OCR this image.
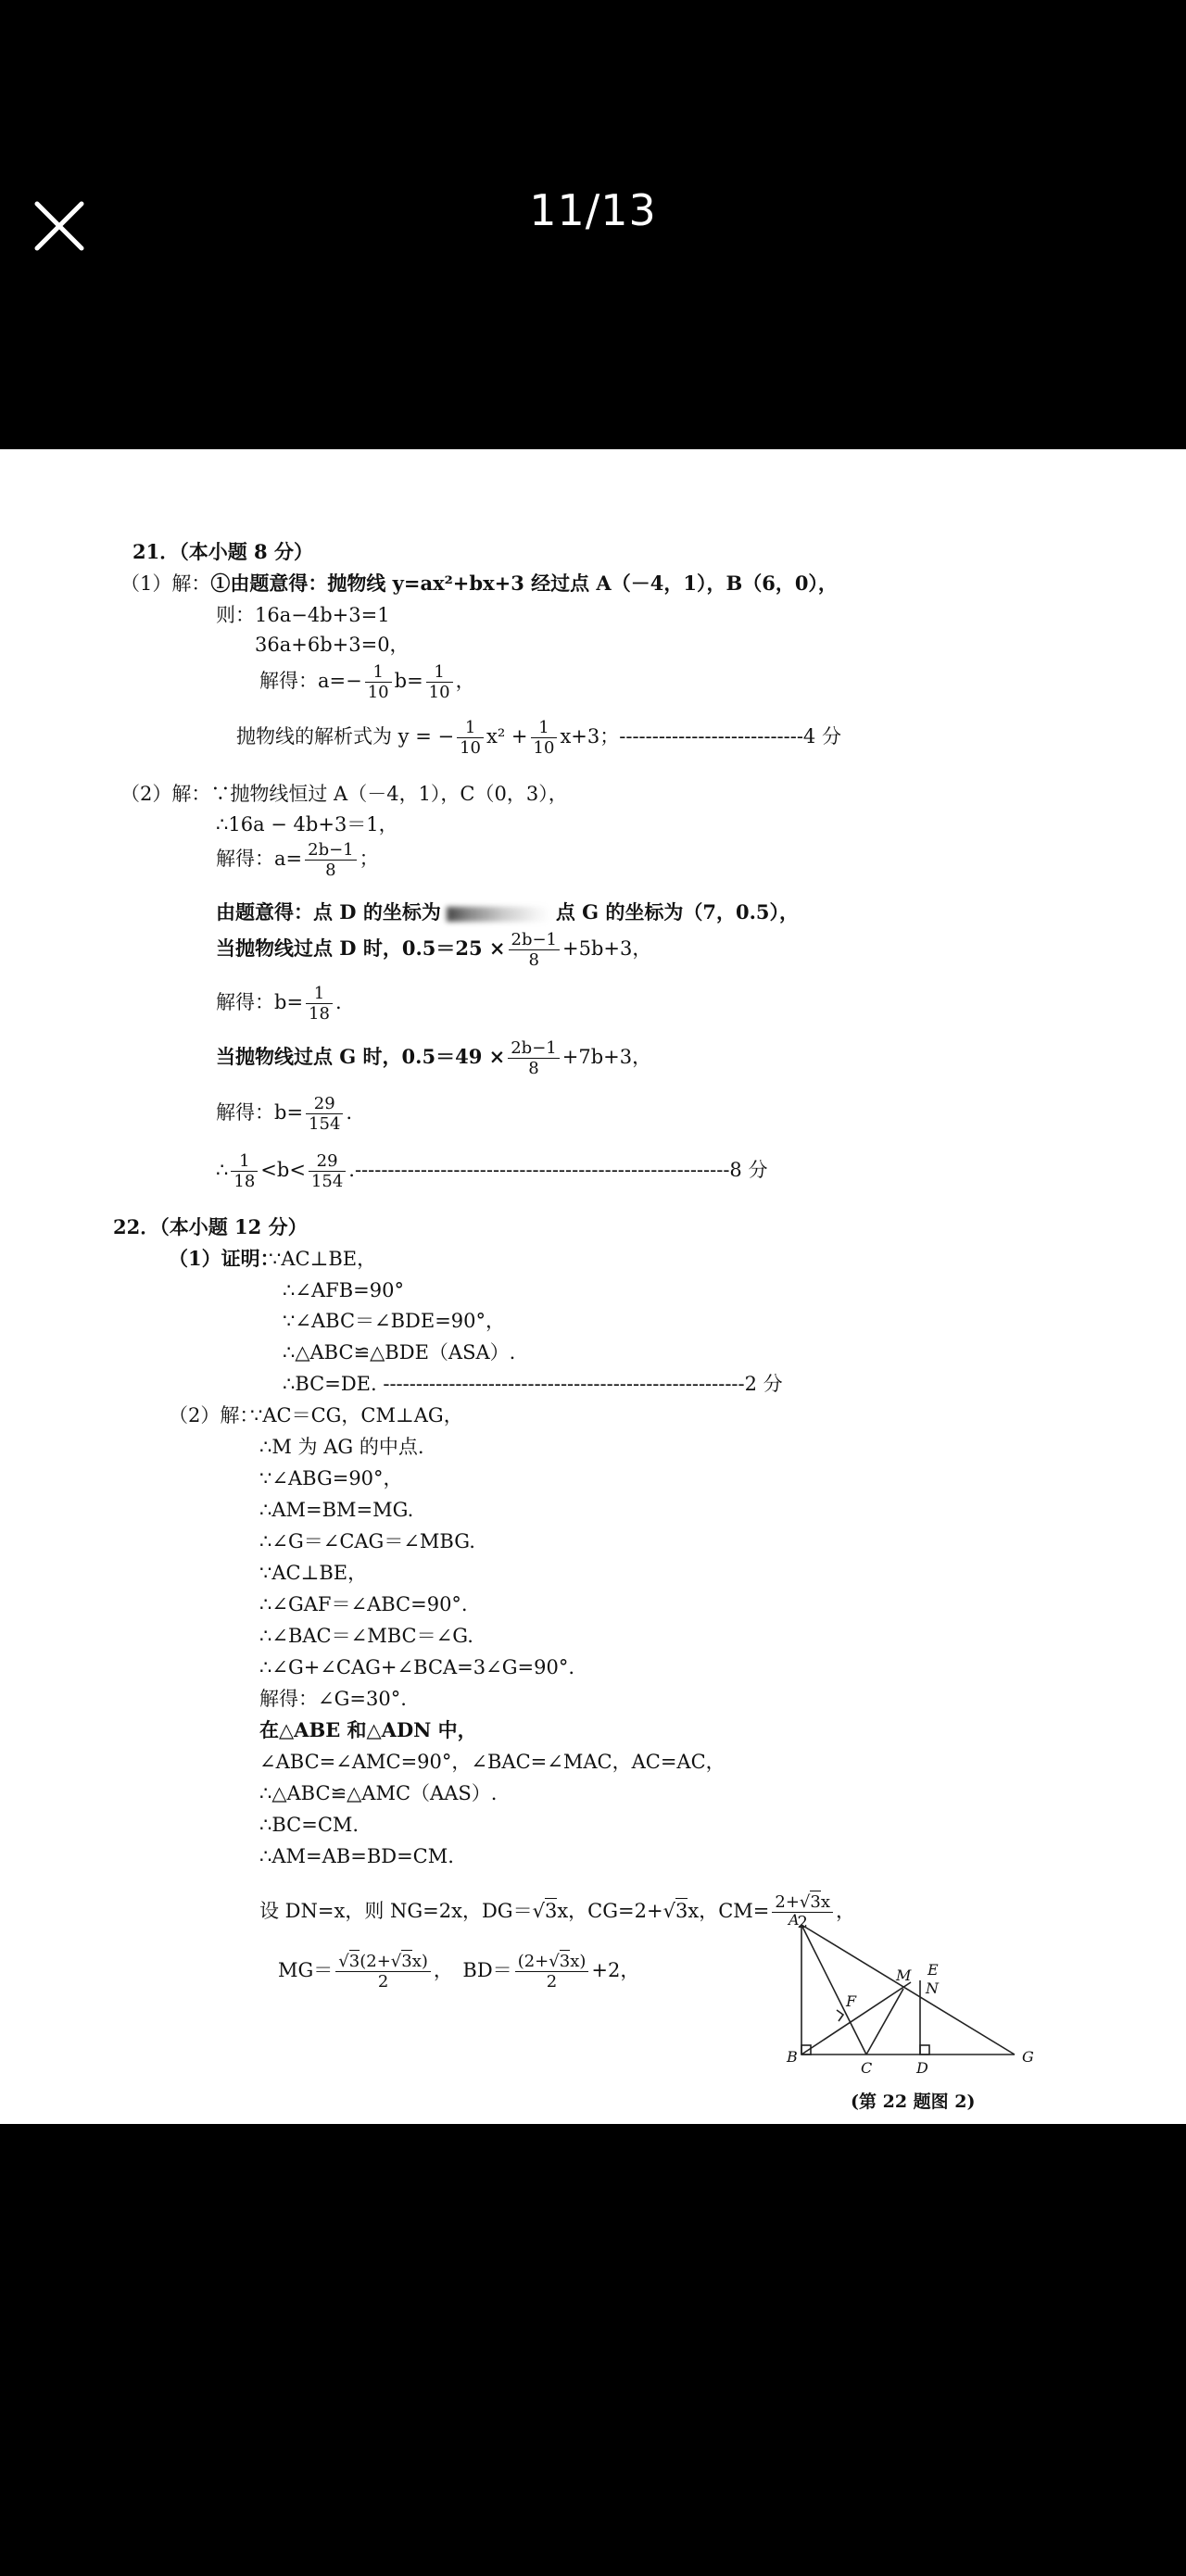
11/13
21．（本小题 8 分）
（1）解：①由题意得：抛物线 y=ax²+bx+3 经过点 A（－4，1），B（6，0），
则：16a−4b+3=1
36a+6b+3=0，
解得：$a=- \frac{1}{10} b= \frac{1}{10}$ ，
抛物线的解析式为 y = − $\frac{1}{10} x^2 + \frac{1}{10} x+3$；----------------------------4 分
（2）解：∵抛物线恒过 A（－4，1），C（0，3），
∴16a − 4b+3＝1，
解得：$a= \frac{2b-1}{8}$ ；
由题意得：点 D 的坐标为	点 G 的坐标为（7，0.5），
当抛物线过点 D 时，$0.5=25 \times \frac{2b-1}{8} +5b+3$，
解得：$b= \frac{1}{18}$ .
当抛物线过点 G 时，$0.5=49 \times \frac{2b-1}{8} +7b+3$，
解得：$b= \frac{29}{154}$ .
∴ $\frac{1}{18} <b< \frac{29}{154} .---------------------------------------------------------8$ 分
22．（本小题 12 分）
（1）证明：
∵AC⊥BE，
∴∠AFB=90°
∵∠ABC＝∠BDE=90°，
∴△ABC≌△BDE（ASA）.
∴BC=DE. -------------------------------------------------------2 分
（2）解：
∵AC＝CG，CM⊥AG，
∴M 为 AG 的中点.
∵∠ABG=90°，
∴AM=BM=MG.
∴∠G＝∠CAG＝∠MBG.
∵AC⊥BE，
∴∠GAF＝∠ABC=90°.
∴∠BAC＝∠MBC＝∠G.
∴∠G+∠CAG+∠BCA=3∠G=90°.
解得：∠G=30°.
在△ABE 和△ADN 中，
∠ABC=∠AMC=90°，∠BAC=∠MAC，AC=AC，
∴△ABC≌△AMC（AAS）.
∴BC=CM.
∴AM=AB=BD=CM.
设 DN=x，则 NG=2x，DG＝√3x，CG=2+√3x，$CM= \frac{2+√3x}{2}$ ，
$MG= \frac{√3(2+√3x)}{2}$ ，　$BD= \frac{(2+√3x)}{2} +2$，
A
E
M
N
F
B
C	D
G
(第 22 题图 2)
